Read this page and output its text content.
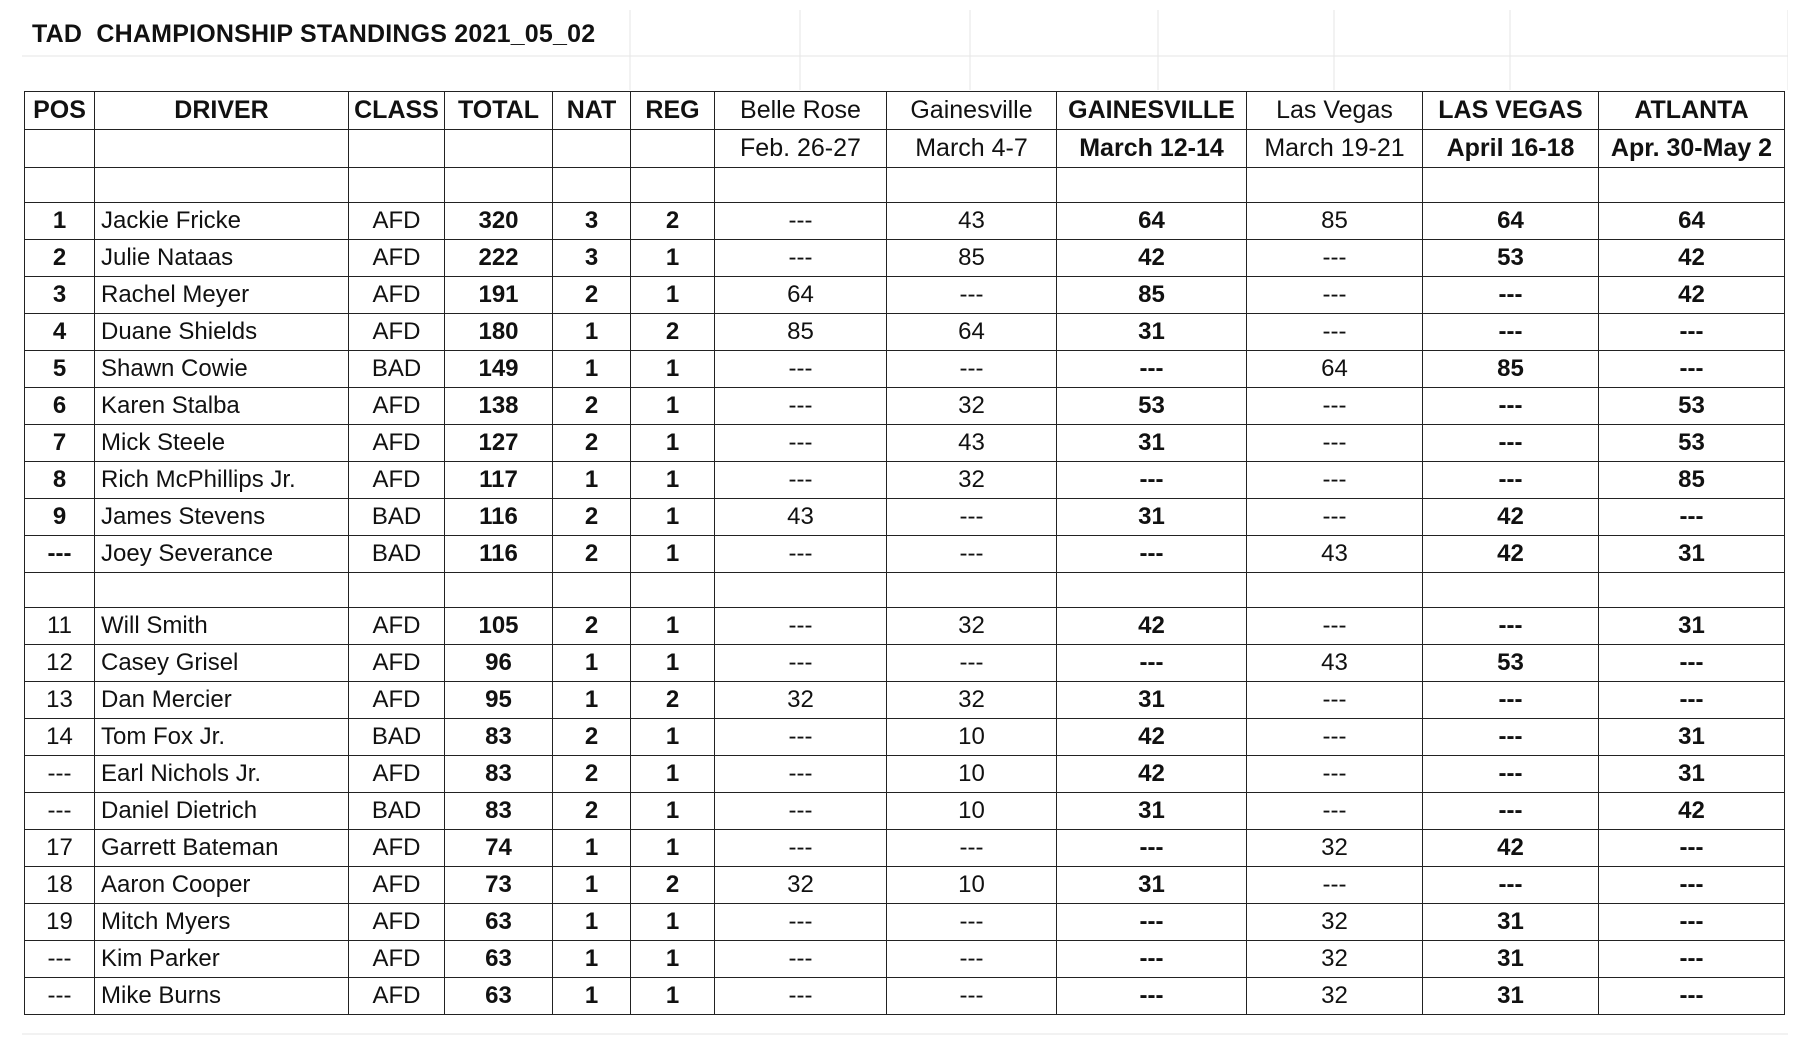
TAD  CHAMPIONSHIP STANDINGS 2021_05_02
POS	DRIVER	CLASS	TOTAL	NAT	REG	Belle Rose	Gainesville	GAINESVILLE	Las Vegas	LAS VEGAS	ATLANTA
						Feb. 26-27	March 4-7	March 12-14	March 19-21	April 16-18	Apr. 30-May 2

1	Jackie Fricke	AFD	320	3	2	---	43	64	85	64	64
2	Julie Nataas	AFD	222	3	1	---	85	42	---	53	42
3	Rachel Meyer	AFD	191	2	1	64	---	85	---	---	42
4	Duane Shields	AFD	180	1	2	85	64	31	---	---	---
5	Shawn Cowie	BAD	149	1	1	---	---	---	64	85	---
6	Karen Stalba	AFD	138	2	1	---	32	53	---	---	53
7	Mick Steele	AFD	127	2	1	---	43	31	---	---	53
8	Rich McPhillips Jr.	AFD	117	1	1	---	32	---	---	---	85
9	James Stevens	BAD	116	2	1	43	---	31	---	42	---
---	Joey Severance	BAD	116	2	1	---	---	---	43	42	31

11	Will Smith	AFD	105	2	1	---	32	42	---	---	31
12	Casey Grisel	AFD	96	1	1	---	---	---	43	53	---
13	Dan Mercier	AFD	95	1	2	32	32	31	---	---	---
14	Tom Fox Jr.	BAD	83	2	1	---	10	42	---	---	31
---	Earl Nichols Jr.	AFD	83	2	1	---	10	42	---	---	31
---	Daniel Dietrich	BAD	83	2	1	---	10	31	---	---	42
17	Garrett Bateman	AFD	74	1	1	---	---	---	32	42	---
18	Aaron Cooper	AFD	73	1	2	32	10	31	---	---	---
19	Mitch Myers	AFD	63	1	1	---	---	---	32	31	---
---	Kim Parker	AFD	63	1	1	---	---	---	32	31	---
---	Mike Burns	AFD	63	1	1	---	---	---	32	31	---
